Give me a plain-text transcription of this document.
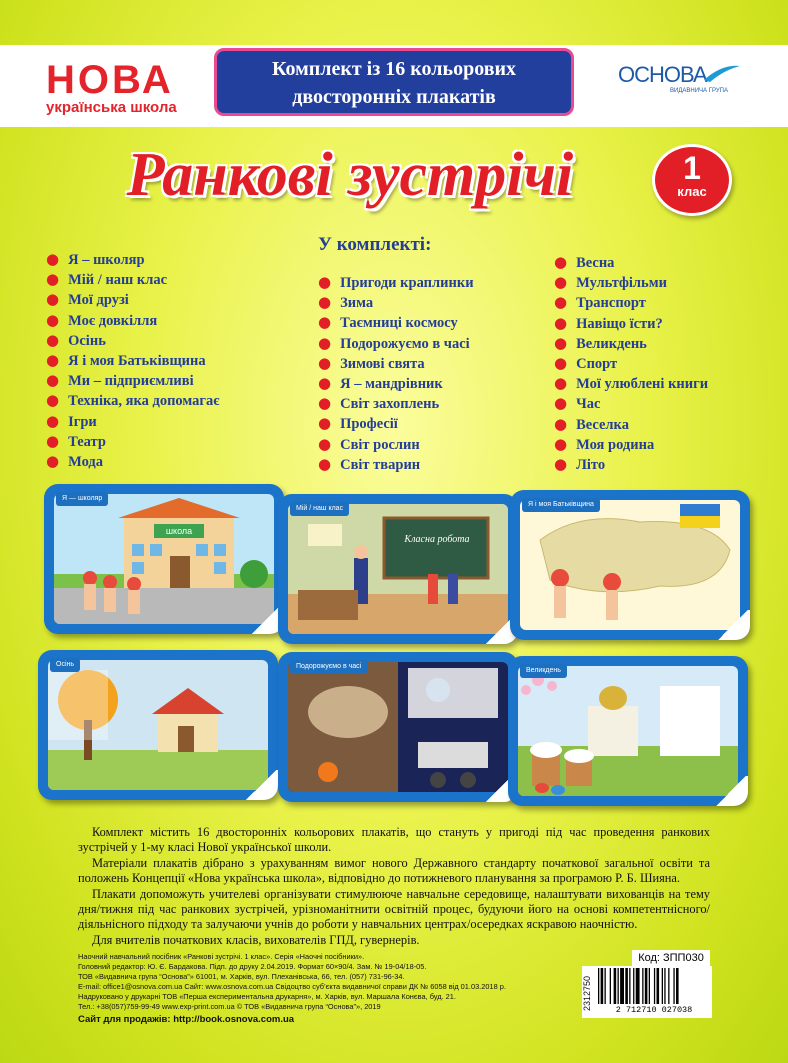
НОВА
українська школа
Комплект із 16 кольорових
двосторонніх плакатів
ОСНОВА
ВИДАВНИЧА ГРУПА
Ранкові зустрічі	1
клас
У комплекті:
● Я – школяр
● Мій / наш клас
● Мої друзі
● Моє довкілля
● Осінь
● Я і моя Батьківщина
● Ми – підприємливі
● Техніка, яка допомагає
● Ігри
● Театр
● Мода
● Пригоди краплинки
● Зима
● Таємниці космосу
● Подорожуємо в часі
● Зимові свята
● Я – мандрівник
● Світ захоплень
● Професії
● Світ рослин
● Світ тварин
● Весна
● Мультфільми
● Транспорт
● Навіщо їсти?
● Великдень
● Спорт
● Мої улюблені книги
● Час
● Веселка
● Моя родина
● Літо
школа
Я — школяр
Класна робота
Мій / наш клас
Я і моя Батьківщина
Осінь	Подорожуємо в часі
Великдень

Комплект містить 16 двосторонніх кольорових плакатів, що стануть у пригоді під час проведення ранкових зустрічей у 1-му класі Нової української школи.

Матеріали плакатів дібрано з урахуванням вимог нового Державного стандарту початкової загальної освіти та положень Концепції «Нова українська школа», відповідно до потижневого планування за програмою Р. Б. Шияна.

Плакати допоможуть учителеві організувати стимулююче навчальне середовище, налаштувати вихованців на тему дня/тижня під час ранкових зустрічей, урізноманітнити освітній процес, будуючи його на основі компетентнісного/діяльнісного підходу та залучаючи учнів до роботи у навчальних центрах/осередках яскравою наочністю.

Для вчителів початкових класів, вихователів ГПД, гувернерів.

Наочний навчальний посібник «Ранкові зустрічі. 1 клас». Серія «Наочні посібники».
Головний редактор: Ю. Є. Бардакова. Підп. до друку 2.04.2019. Формат 60×90/4. Зам. № 19-04/18-05.
ТОВ «Видавнича група “Основа”» 61001, м. Харків, вул. Плеханівська, 66, тел. (057) 731-96-34.
E-mail: office1@osnova.com.ua Сайт: www.osnova.com.ua Свідоцтво суб’єкта видавничої справи ДК № 6058 від 01.03.2018 р.
Надруковано у друкарні ТОВ «Перша експериментальна друкарня», м. Харків, вул. Маршала Конєва, буд. 21.
Тел.: +38(057)759-99-49 www.exp-print.com.ua © ТОВ «Видавнича група “Основа”», 2019
Сайт для продажів: http://book.osnova.com.ua
Код: ЗПП030
2312750	2 712710 027038
